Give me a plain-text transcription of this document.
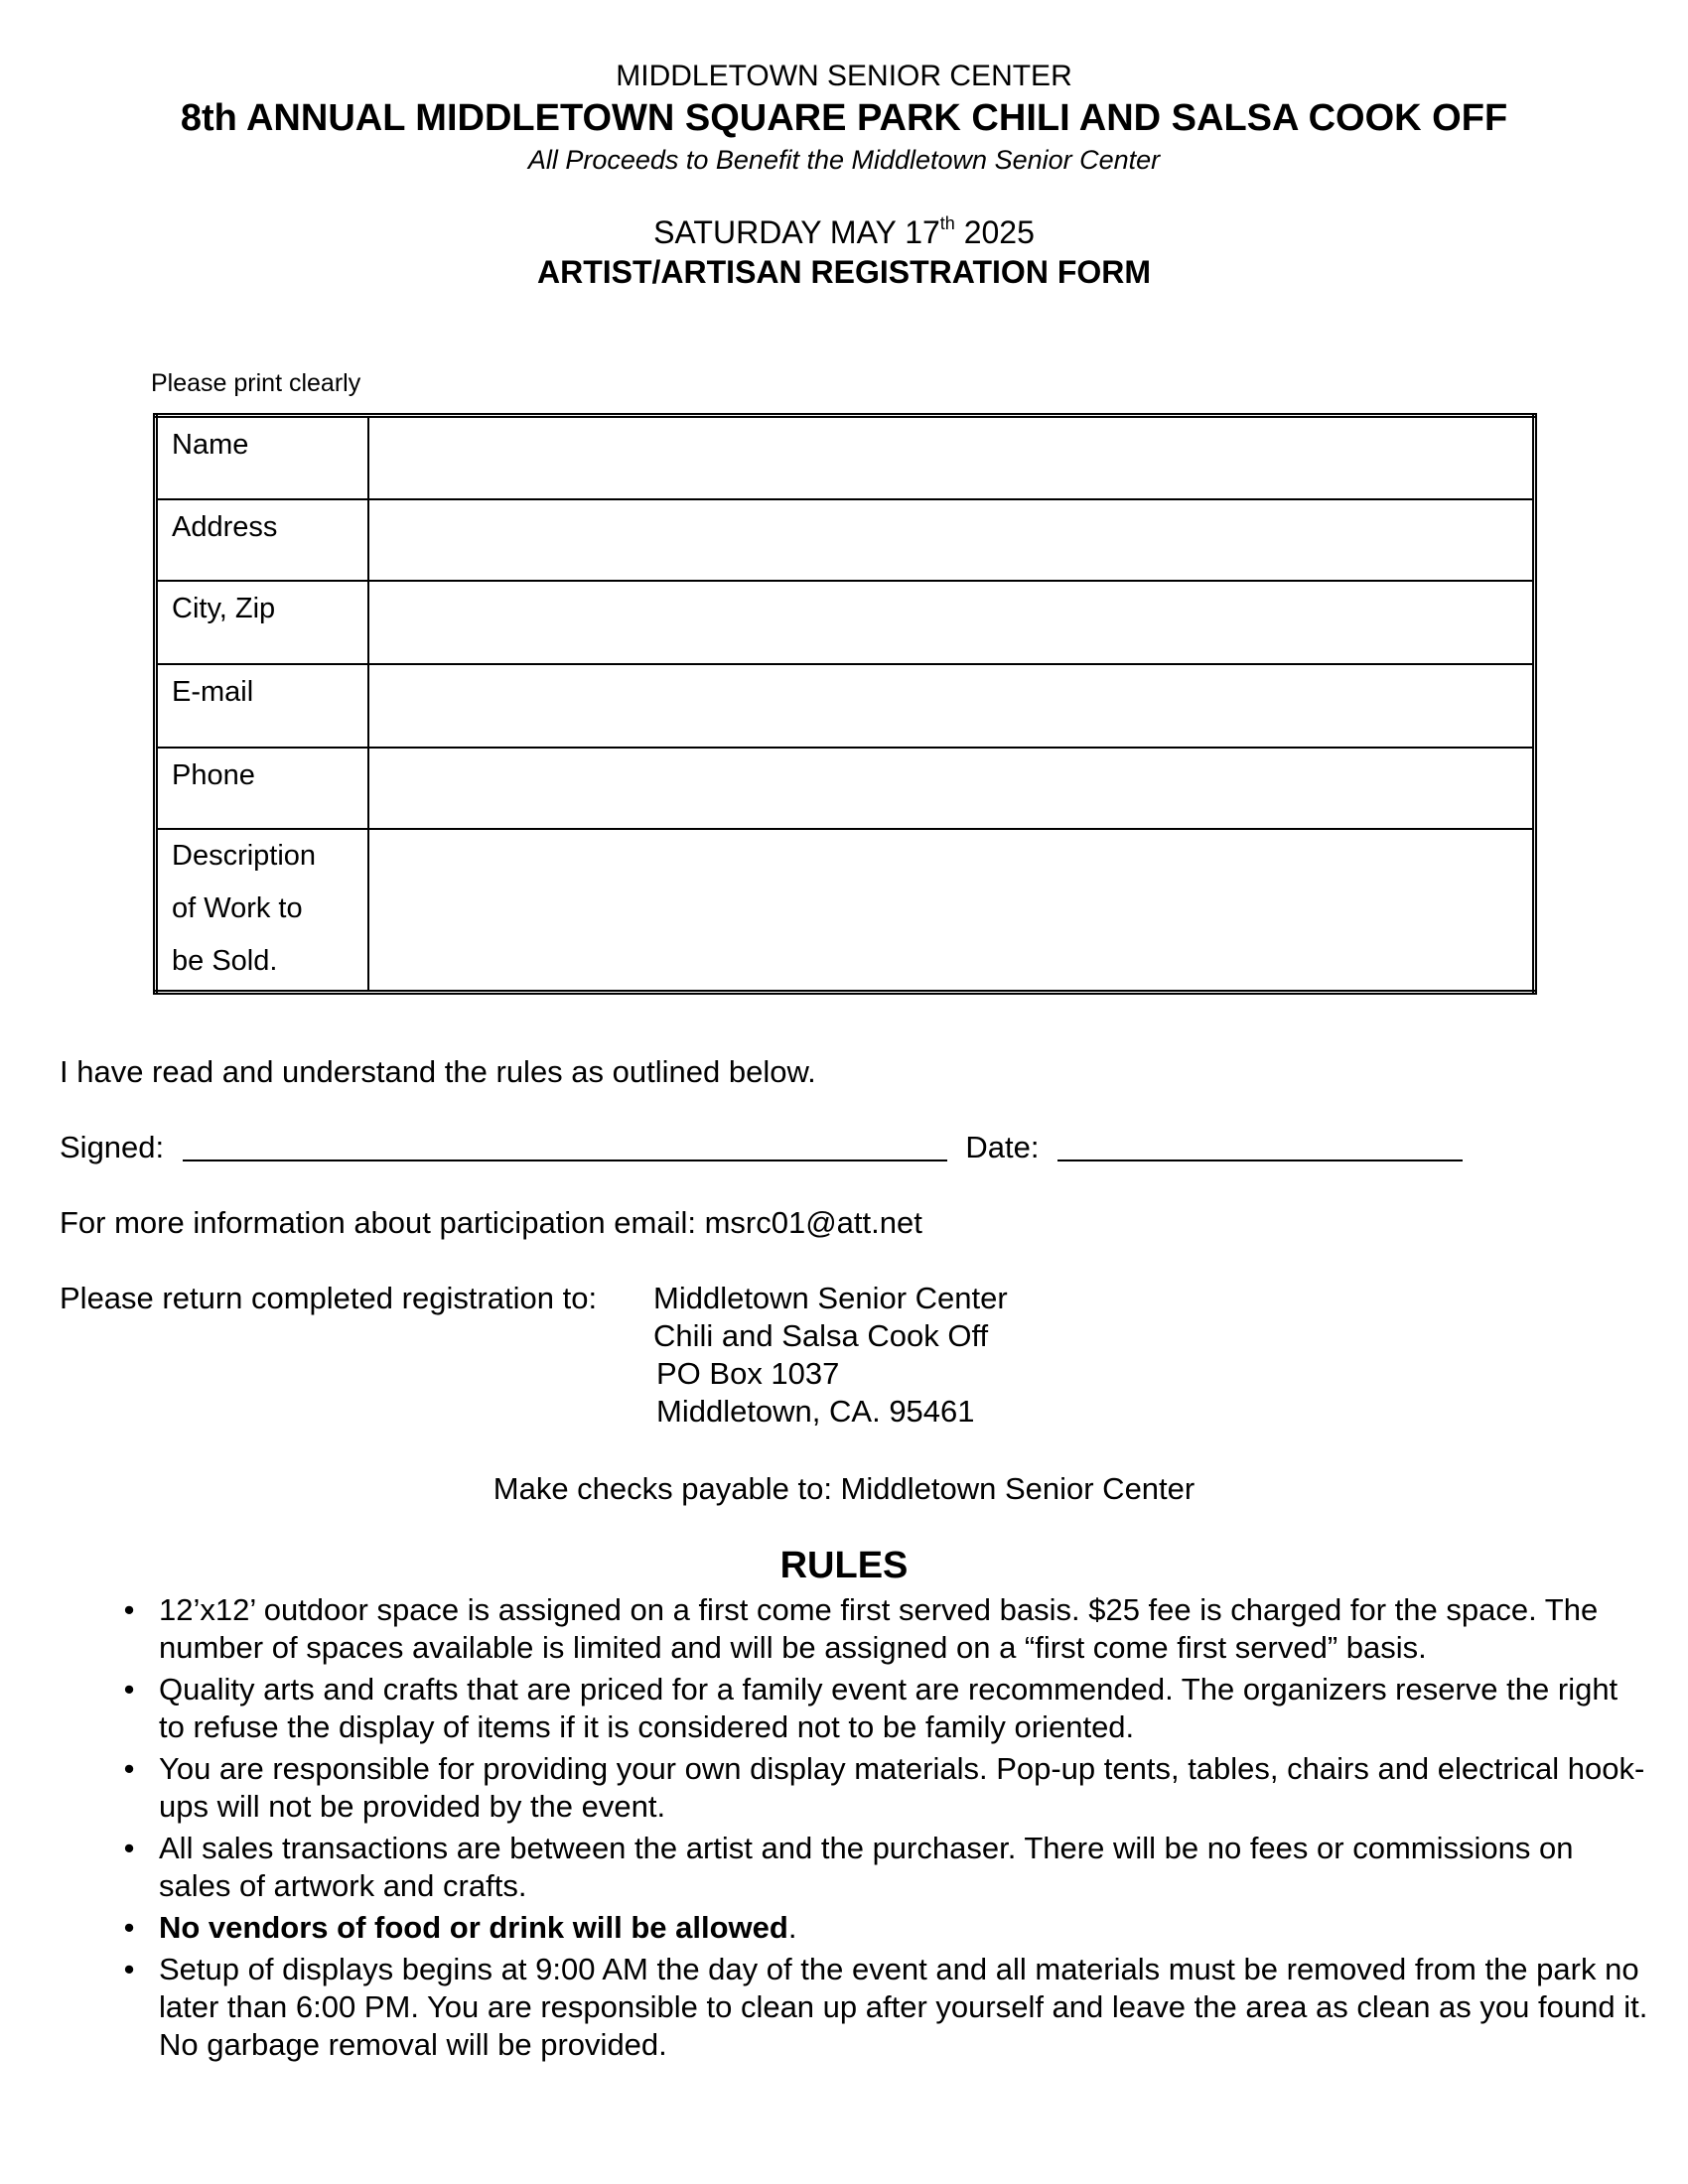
MIDDLETOWN SENIOR CENTER
8th ANNUAL MIDDLETOWN SQUARE PARK CHILI AND SALSA COOK OFF
All Proceeds to Benefit the Middletown Senior Center
SATURDAY MAY 17th 2025
ARTIST/ARTISAN REGISTRATION FORM
Please print clearly
Name	
Address	
City, Zip	
E-mail	
Phone	

Description
of Work to
be Sold.	

I have read and understand the rules as outlined below.
Signed:	Date:
For more information about participation email: msrc01@att.net
Please return completed registration to: Middletown Senior Center
Chili and Salsa Cook Off
PO Box 1037
Middletown, CA. 95461
Make checks payable to: Middletown Senior Center
RULES
• 12’x12’ outdoor space is assigned on a first come first served basis. $25 fee is charged for the space. The number of spaces available is limited and will be assigned on a “first come first served” basis.
• Quality arts and crafts that are priced for a family event are recommended. The organizers reserve the right to refuse the display of items if it is considered not to be family oriented.
• You are responsible for providing your own display materials. Pop-up tents, tables, chairs and electrical hook-ups will not be provided by the event.
• All sales transactions are between the artist and the purchaser. There will be no fees or commissions on sales of artwork and crafts.
• No vendors of food or drink will be allowed.
• Setup of displays begins at 9:00 AM the day of the event and all materials must be removed from the park no later than 6:00 PM. You are responsible to clean up after yourself and leave the area as clean as you found it. No garbage removal will be provided.
